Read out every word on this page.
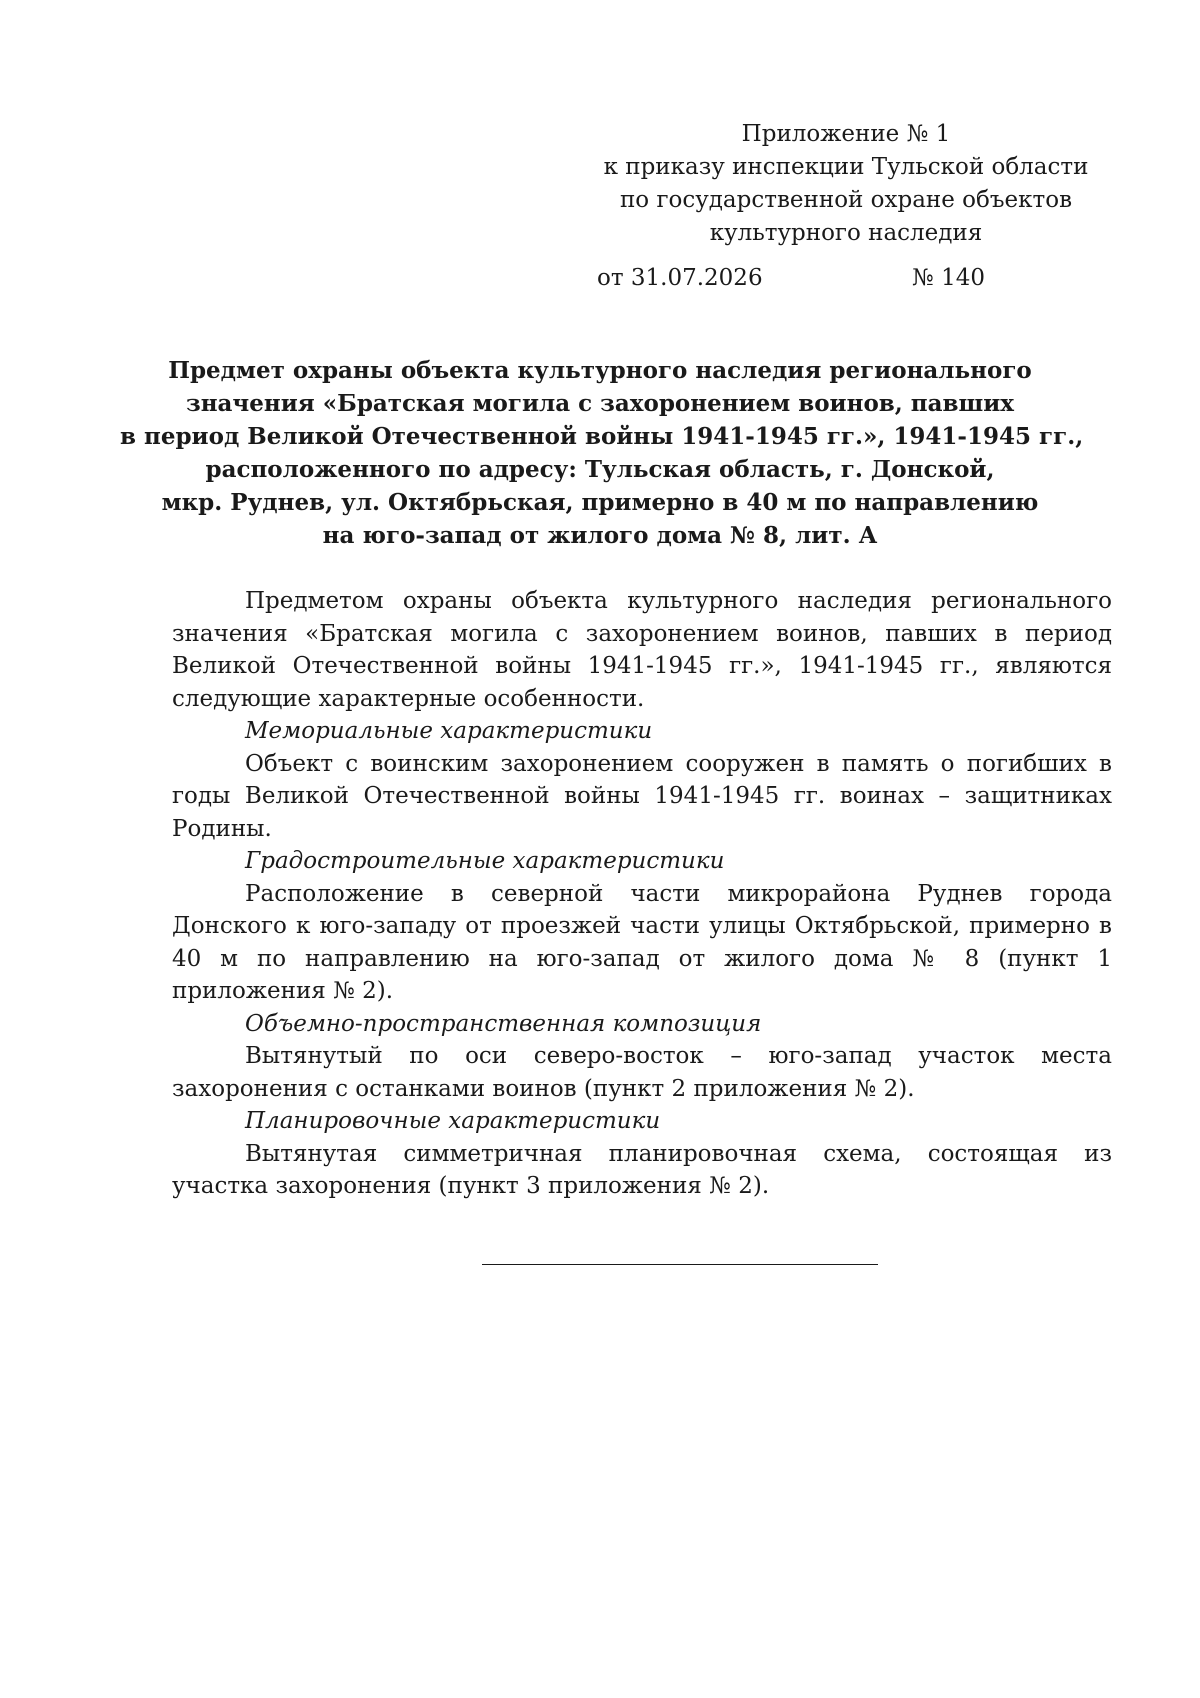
Приложение № 1
к приказу инспекции Тульской области
по государственной охране объектов
культурного наследия
от 31.07.2026	№ 140
Предмет охраны объекта культурного наследия регионального
значения «Братская могила с захоронением воинов, павших
в период Великой Отечественной войны 1941-1945 гг.», 1941-1945 гг.,
расположенного по адресу: Тульская область, г. Донской,
мкр. Руднев, ул. Октябрьская, примерно в 40 м по направлению
на юго-запад от жилого дома № 8, лит. А

Предметом охраны объекта культурного наследия регионального значения «Братская могила с захоронением воинов, павших в период Великой Отечественной войны 1941-1945 гг.», 1941-1945 гг., являются следующие характерные особенности.

Мемориальные характеристики

Объект с воинским захоронением сооружен в память о погибших в годы Великой Отечественной войны 1941-1945 гг. воинах – защитниках Родины.

Градостроительные характеристики

Расположение в северной части микрорайона Руднев города Донского к юго-западу от проезжей части улицы Октябрьской, примерно в 40 м по направлению на юго-запад от жилого дома № 8 (пункт 1 приложения № 2).

Объемно-пространственная композиция

Вытянутый по оси северо-восток – юго-запад участок места захоронения с останками воинов (пункт 2 приложения № 2).

Планировочные характеристики

Вытянутая симметричная планировочная схема, состоящая из участка захоронения (пункт 3 приложения № 2).
